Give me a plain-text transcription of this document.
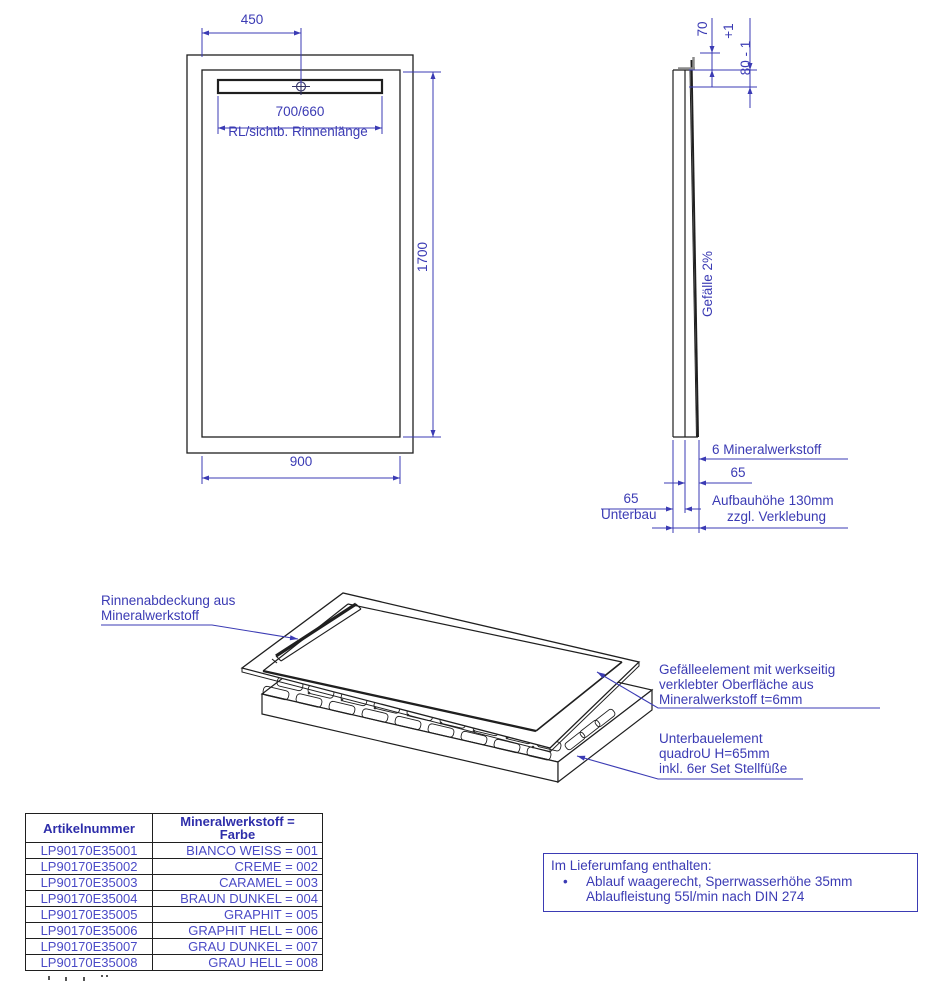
450
700/660
RL/sichtb. Rinnenlänge
1700
900
70 +1
80 - 1
Gefälle 2%
6 Mineralwerkstoff
65
65
Unterbau
Aufbauhöhe 130mm
zzgl. Verklebung
Rinnenabdeckung aus
Mineralwerkstoff
Gefälleelement mit werkseitig
verklebter Oberfläche aus
Mineralwerkstoff t=6mm
Unterbauelement
quadroU H=65mm
inkl. 6er Set Stellfüße
Artikelnummer	Mineralwerkstoff =
Farbe
LP90170E35001	BIANCO WEISS = 001
LP90170E35002	CREME = 002
LP90170E35003	CARAMEL = 003
LP90170E35004	BRAUN DUNKEL = 004
LP90170E35005	GRAPHIT = 005
LP90170E35006	GRAPHIT HELL = 006
LP90170E35007	GRAU DUNKEL = 007
LP90170E35008	GRAU HELL = 008
Im Lieferumfang enthalten:
• Ablauf waagerecht, Sperrwasserhöhe 35mm
Ablaufleistung 55l/min nach DIN 274
